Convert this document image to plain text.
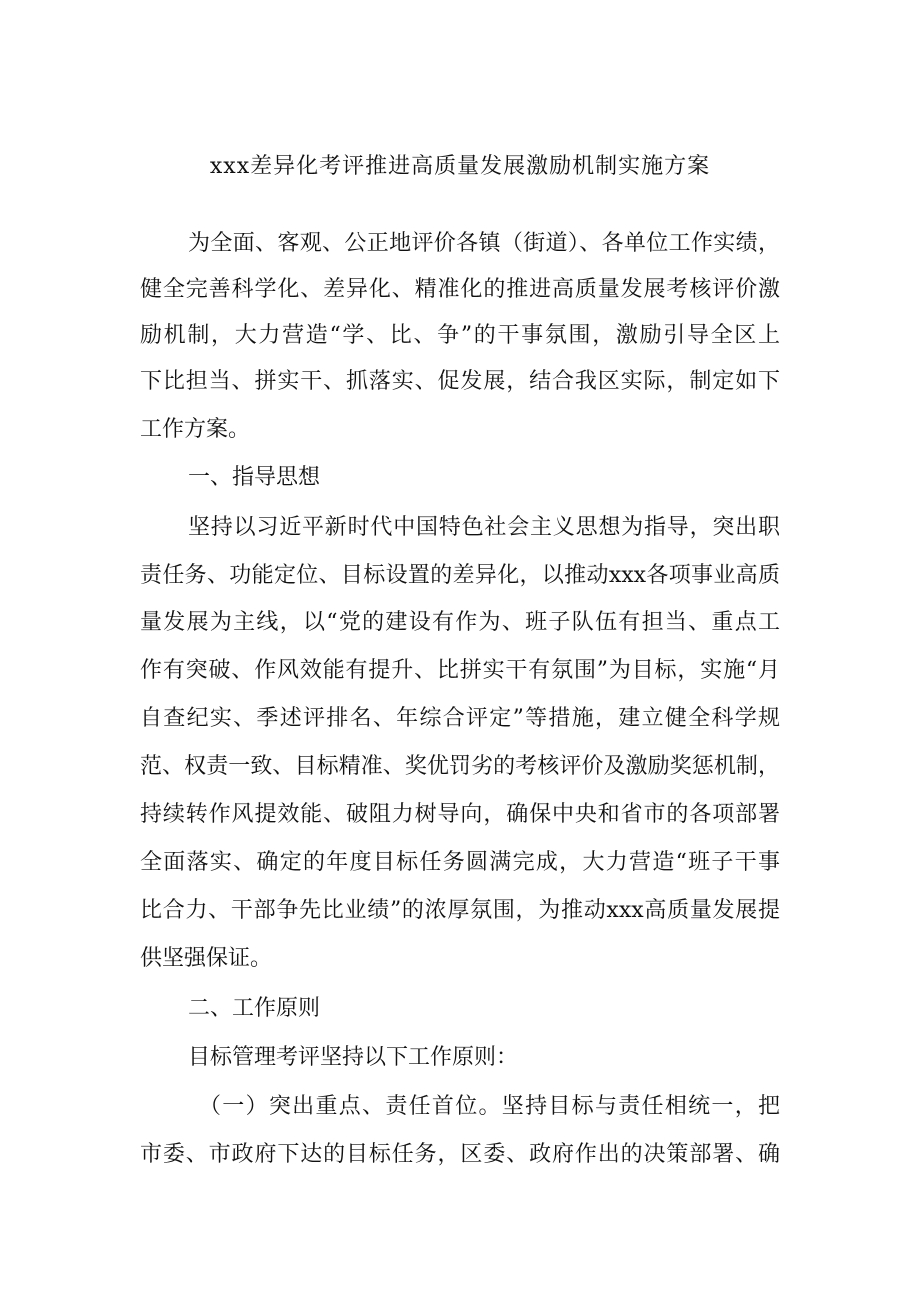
xxx差异化考评推进高质量发展激励机制实施方案
为全面、客观、公正地评价各镇（街道）、各单位工作实绩，
健全完善科学化、差异化、精准化的推进高质量发展考核评价激
励机制，大力营造“学、比、争”的干事氛围，激励引导全区上
下比担当、拼实干、抓落实、促发展，结合我区实际，制定如下
工作方案。
一、指导思想
坚持以习近平新时代中国特色社会主义思想为指导，突出职
责任务、功能定位、目标设置的差异化，以推动xxx各项事业高质
量发展为主线，以“党的建设有作为、班子队伍有担当、重点工
作有突破、作风效能有提升、比拼实干有氛围”为目标，实施“月
自查纪实、季述评排名、年综合评定”等措施，建立健全科学规
范、权责一致、目标精准、奖优罚劣的考核评价及激励奖惩机制，
持续转作风提效能、破阻力树导向，确保中央和省市的各项部署
全面落实、确定的年度目标任务圆满完成，大力营造“班子干事
比合力、干部争先比业绩”的浓厚氛围，为推动xxx高质量发展提
供坚强保证。
二、工作原则
目标管理考评坚持以下工作原则：
（一）突出重点、责任首位。坚持目标与责任相统一，把
市委、市政府下达的目标任务，区委、政府作出的决策部署、确
